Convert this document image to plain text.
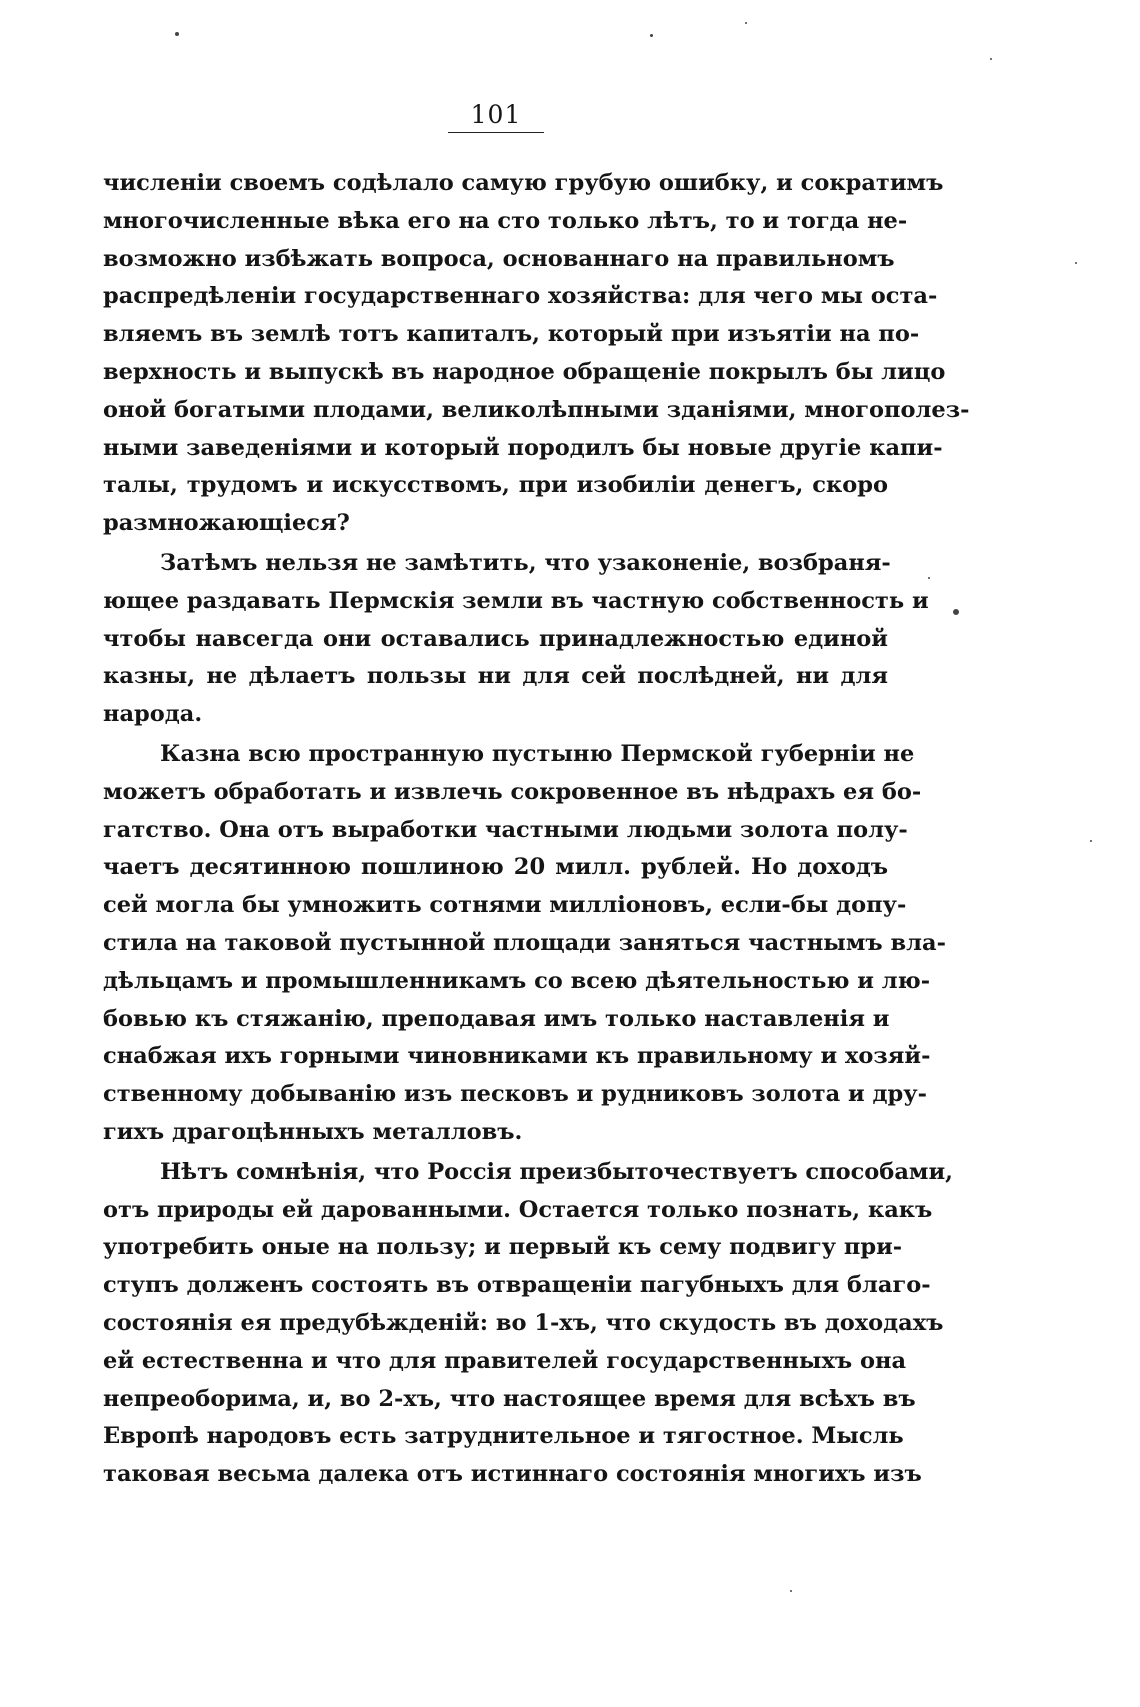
101
численіи своемъ содѣлало самую грубую ошибку, и сократимъ
многочисленные вѣка его на сто только лѣтъ, то и тогда не-
возможно избѣжать вопроса, основаннаго на правильномъ
распредѣленіи государственнаго хозяйства: для чего мы оста-
вляемъ въ землѣ тотъ капиталъ, который при изъятіи на по-
верхность и выпускѣ въ народное обращеніе покрылъ бы лицо
оной богатыми плодами, великолѣпными зданіями, многополез-
ными заведеніями и который породилъ бы новые другіе капи-
талы, трудомъ и искусствомъ, при изобиліи денегъ, скоро
размножающіеся?
Затѣмъ нельзя не замѣтить, что узаконеніе, возбраня-
ющее раздавать Пермскія земли въ частную собственность и
чтобы навсегда они оставались принадлежностью единой
казны, не дѣлаетъ пользы ни для сей послѣдней, ни для
народа.
Казна всю пространную пустыню Пермской губерніи не
можетъ обработать и извлечь сокровенное въ нѣдрахъ ея бо-
гатство. Она отъ выработки частными людьми золота полу-
чаетъ десятинною пошлиною 20 милл. рублей. Но доходъ
сей могла бы умножить сотнями милліоновъ, если-бы допу-
стила на таковой пустынной площади заняться частнымъ вла-
дѣльцамъ и промышленникамъ со всею дѣятельностью и лю-
бовью къ стяжанію, преподавая имъ только наставленія и
снабжая ихъ горными чиновниками къ правильному и хозяй-
ственному добыванію изъ песковъ и рудниковъ золота и дру-
гихъ драгоцѣнныхъ металловъ.
Нѣтъ сомнѣнія, что Россія преизбыточествуетъ способами,
отъ природы ей дарованными. Остается только познать, какъ
употребить оные на пользу; и первый къ сему подвигу при-
ступъ долженъ состоять въ отвращеніи пагубныхъ для благо-
состоянія ея предубѣжденій: во 1-хъ, что скудость въ доходахъ
ей естественна и что для правителей государственныхъ она
непреоборима, и, во 2-хъ, что настоящее время для всѣхъ въ
Европѣ народовъ есть затруднительное и тягостное. Мысль
таковая весьма далека отъ истиннаго состоянія многихъ изъ
